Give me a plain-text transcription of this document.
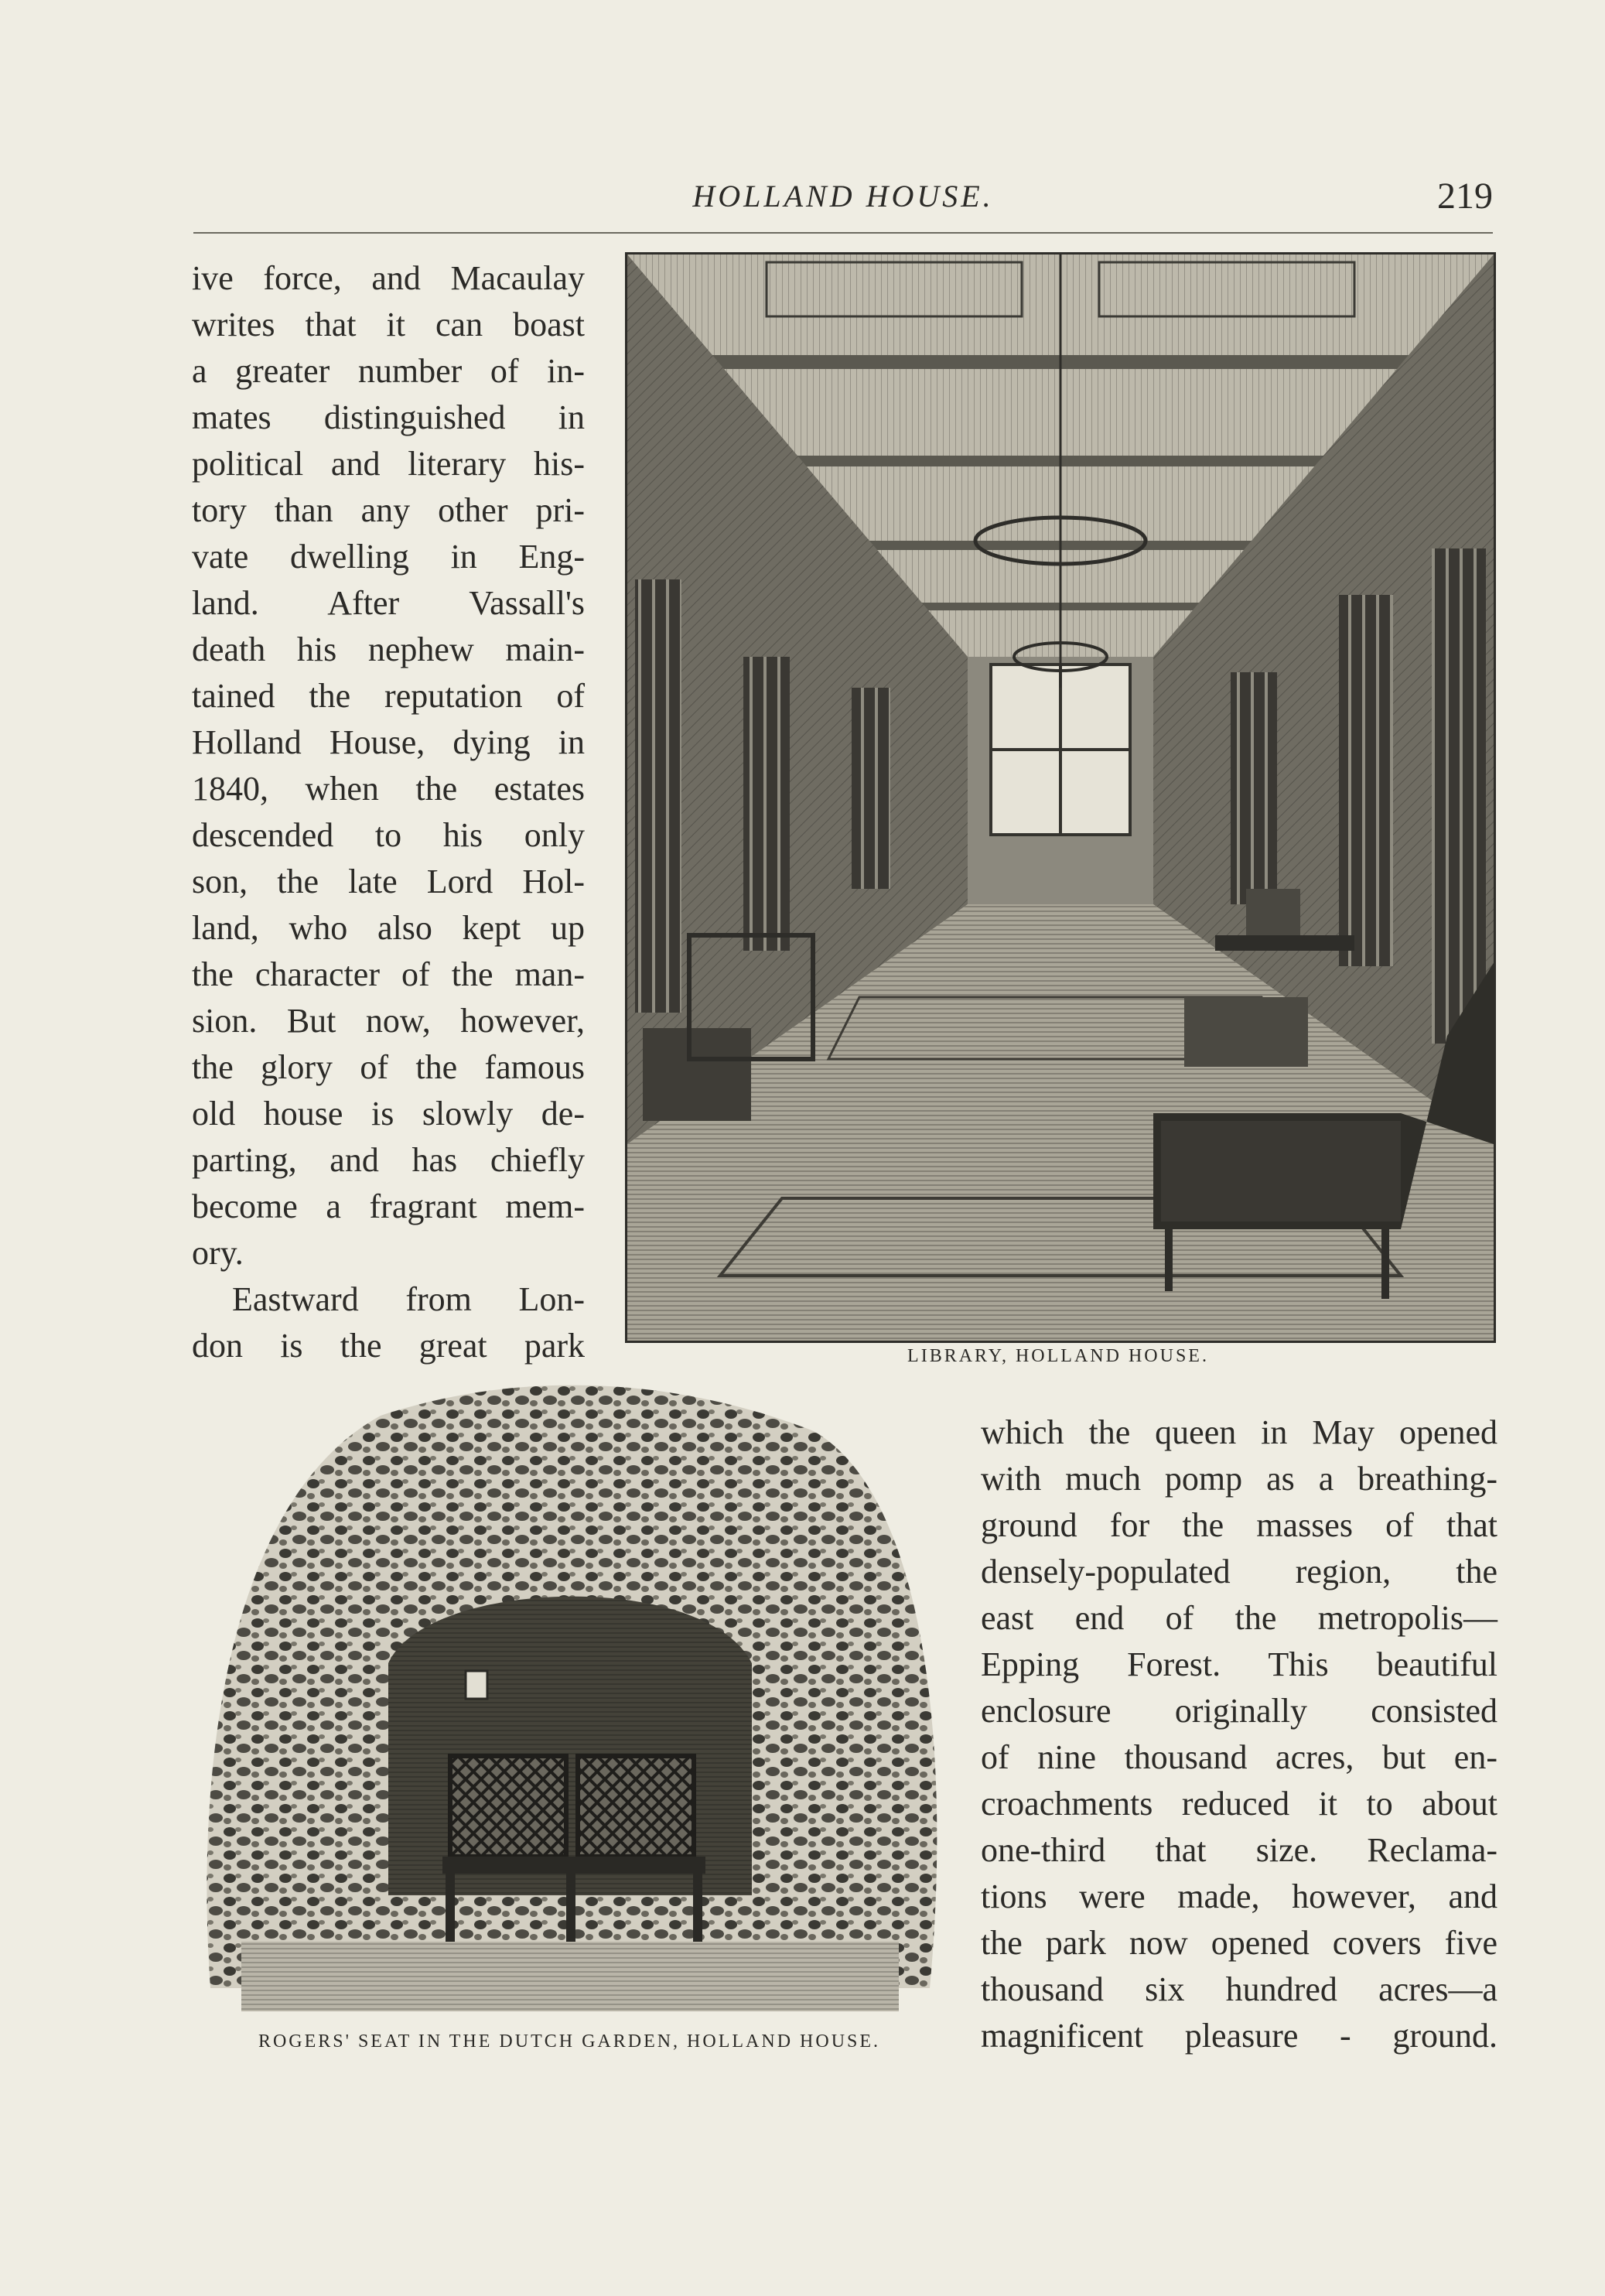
HOLLAND HOUSE.	219
ive force, and Macaulay
writes that it can boast
a greater number of in-
mates distinguished in
political and literary his-
tory than any other pri-
vate dwelling in Eng-
land. After Vassall's
death his nephew main-
tained the reputation of
Holland House, dying in
1840, when the estates
descended to his only
son, the late Lord Hol-
land, who also kept up
the character of the man-
sion. But now, however,
the glory of the famous
old house is slowly de-
parting, and has chiefly
become a fragrant mem-
ory.
Eastward from Lon-
don is the great park	LIBRARY, HOLLAND HOUSE.
ROGERS' SEAT IN THE DUTCH GARDEN, HOLLAND HOUSE.
which the queen in May opened
with much pomp as a breathing-
ground for the masses of that
densely-populated region, the
east end of the metropolis—
Epping Forest. This beautiful
enclosure originally consisted
of nine thousand acres, but en-
croachments reduced it to about
one-third that size. Reclama-
tions were made, however, and
the park now opened covers five
thousand six hundred acres—a
magnificent pleasure - ground.
